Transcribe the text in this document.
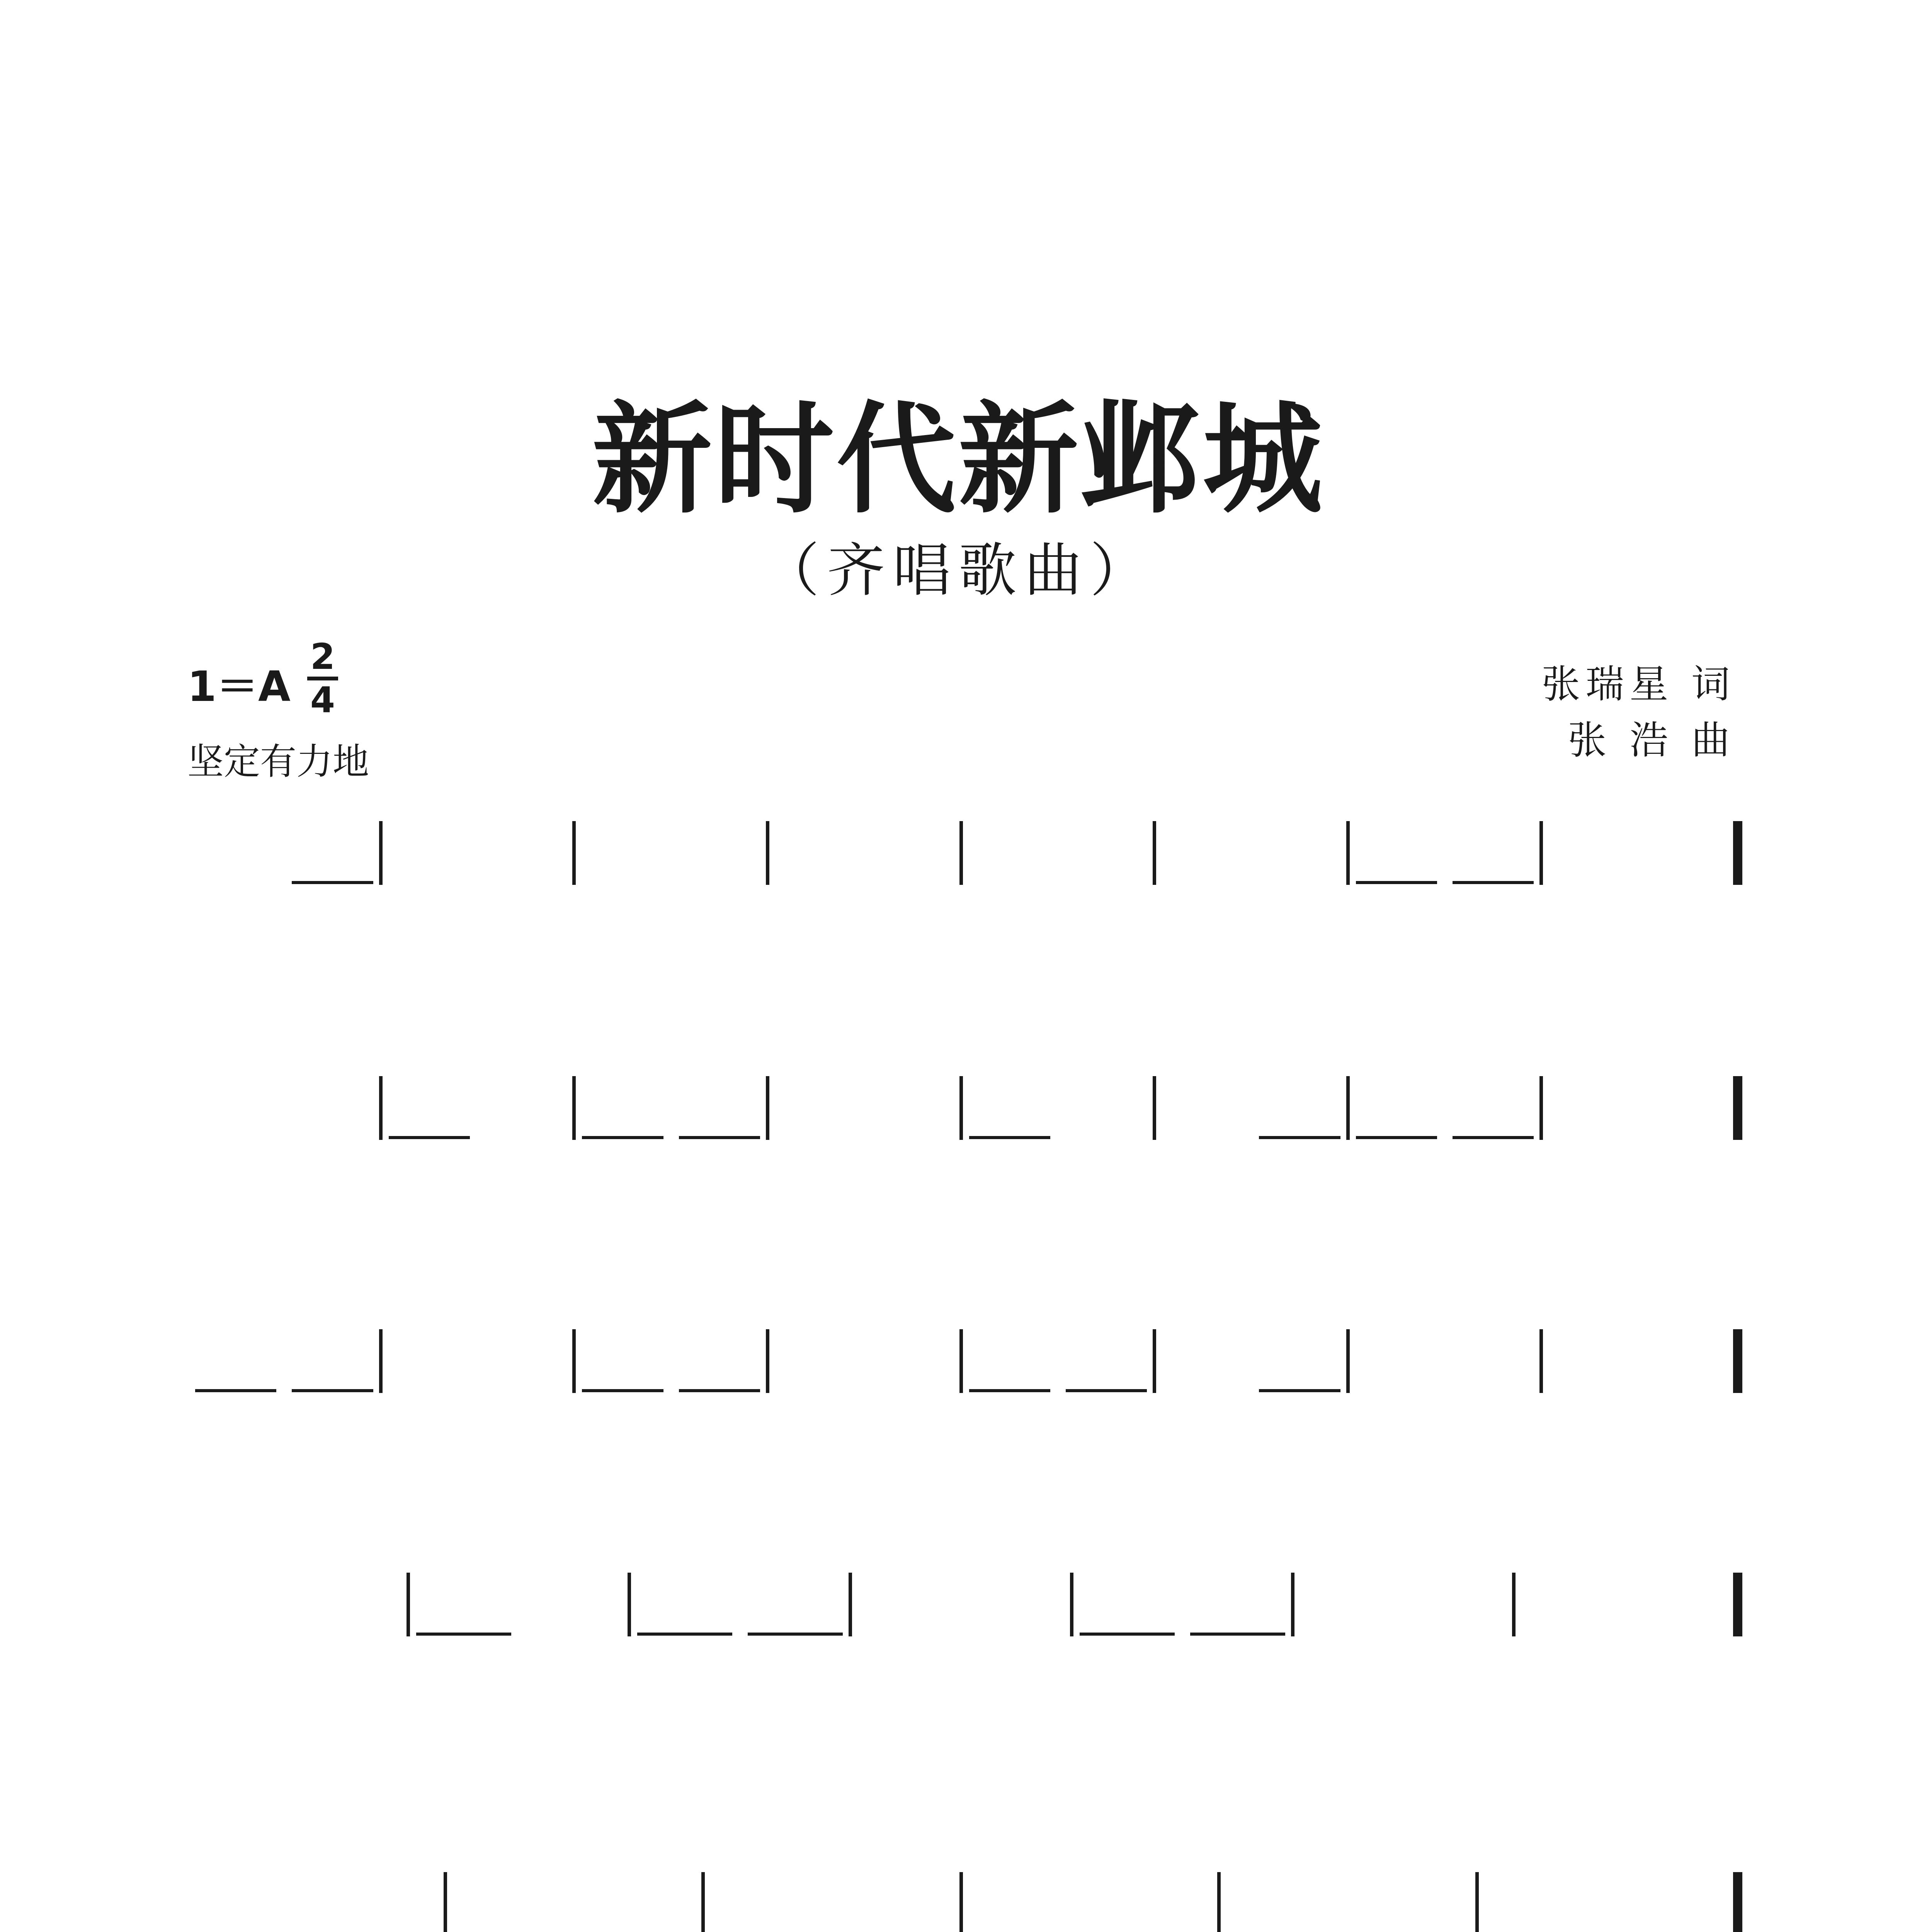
新时代新邺城
（齐唱歌曲）
1＝A
2
4
坚定有力地
张瑞星 词
张 浩 曲
